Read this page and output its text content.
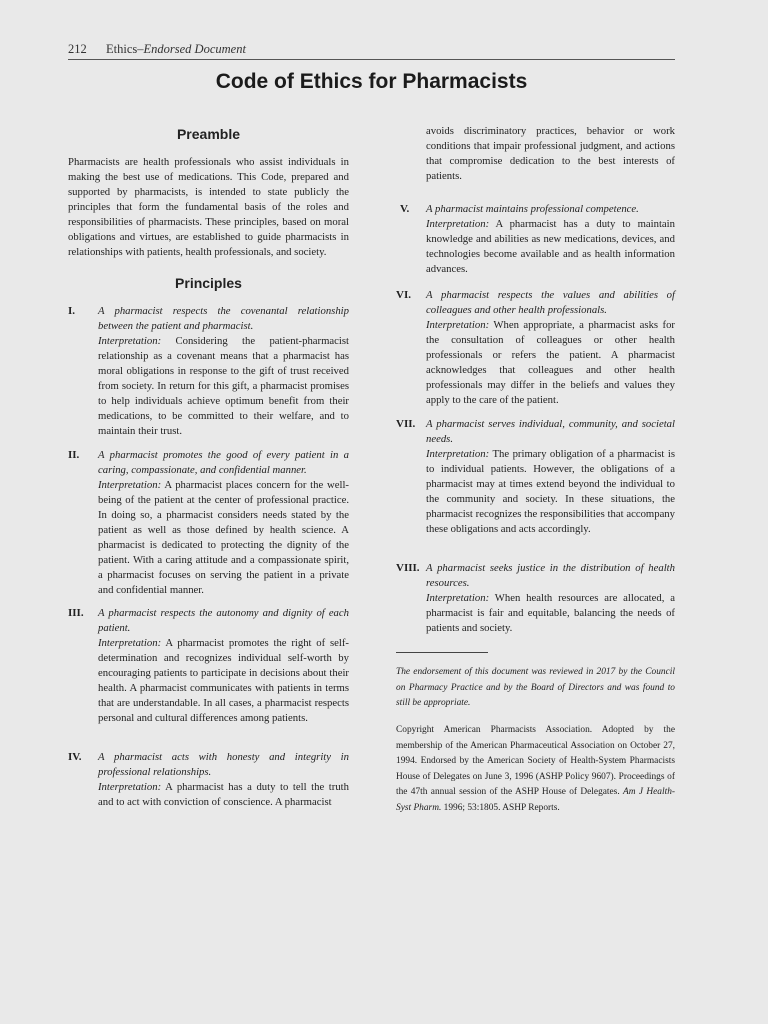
212 Ethics–Endorsed Document
Code of Ethics for Pharmacists
Preamble

Pharmacists are health professionals who assist individuals in making the best use of medications. This Code, prepared and supported by pharmacists, is intended to state publicly the principles that form the fundamental basis of the roles and responsibilities of pharmacists. These principles, based on moral obligations and virtues, are established to guide pharmacists in relationships with patients, health professionals, and society.

Principles
I. A pharmacist respects the covenantal relationship between the patient and pharmacist.
Interpretation: Considering the patient-pharmacist relationship as a covenant means that a pharmacist has moral obligations in response to the gift of trust received from society. In return for this gift, a pharmacist promises to help individuals achieve optimum benefit from their medications, to be committed to their welfare, and to maintain their trust.
II. A pharmacist promotes the good of every patient in a caring, compassionate, and confidential manner.
Interpretation: A pharmacist places concern for the well-being of the patient at the center of professional practice. In doing so, a pharmacist considers needs stated by the patient as well as those defined by health science. A pharmacist is dedicated to protecting the dignity of the patient. With a caring attitude and a compassionate spirit, a pharmacist focuses on serving the patient in a private and confidential manner.
III. A pharmacist respects the autonomy and dignity of each patient.
Interpretation: A pharmacist promotes the right of self-determination and recognizes individual self-worth by encouraging patients to participate in decisions about their health. A pharmacist communicates with patients in terms that are understandable. In all cases, a pharmacist respects personal and cultural differences among patients.
IV. A pharmacist acts with honesty and integrity in professional relationships.
Interpretation: A pharmacist has a duty to tell the truth and to act with conviction of conscience. A pharmacist

avoids discriminatory practices, behavior or work conditions that impair professional judgment, and actions that compromise dedication to the best interests of patients.

V. A pharmacist maintains professional competence.
Interpretation: A pharmacist has a duty to maintain knowledge and abilities as new medications, devices, and technologies become available and as health information advances.
VI. A pharmacist respects the values and abilities of colleagues and other health professionals.
Interpretation: When appropriate, a pharmacist asks for the consultation of colleagues or other health professionals or refers the patient. A pharmacist acknowledges that colleagues and other health professionals may differ in the beliefs and values they apply to the care of the patient.
VII. A pharmacist serves individual, community, and societal needs.
Interpretation: The primary obligation of a pharmacist is to individual patients. However, the obligations of a pharmacist may at times extend beyond the individual to the community and society. In these situations, the pharmacist recognizes the responsibilities that accompany these obligations and acts accordingly.
VIII. A pharmacist seeks justice in the distribution of health resources.
Interpretation: When health resources are allocated, a pharmacist is fair and equitable, balancing the needs of patients and society.
The endorsement of this document was reviewed in 2017 by the Council on Pharmacy Practice and by the Board of Directors and was found to still be appropriate.
Copyright American Pharmacists Association. Adopted by the membership of the American Pharmaceutical Association on October 27, 1994. Endorsed by the American Society of Health-System Pharmacists House of Delegates on June 3, 1996 (ASHP Policy 9607). Proceedings of the 47th annual session of the ASHP House of Delegates. Am J Health-Syst Pharm. 1996; 53:1805. ASHP Reports.
